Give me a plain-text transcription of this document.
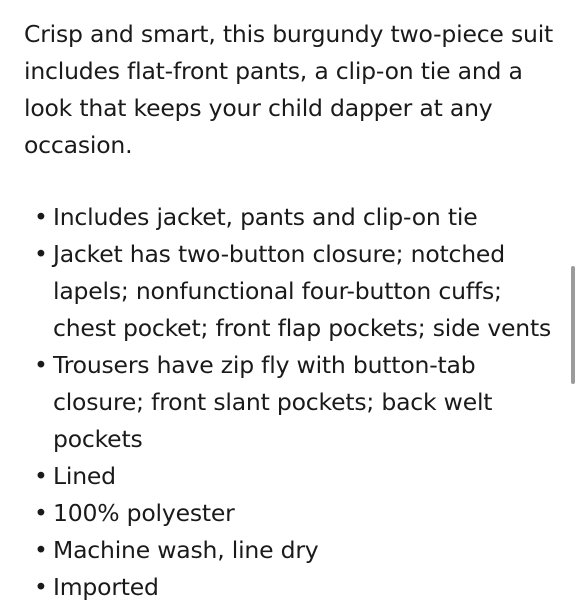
Crisp and smart, this burgundy two-piece suit includes flat-front pants, a clip-on tie and a look that keeps your child dapper at any occasion.

• Includes jacket, pants and clip-on tie
• Jacket has two-button closure; notched lapels; nonfunctional four-button cuffs; chest pocket; front flap pockets; side vents
• Trousers have zip fly with button-tab closure; front slant pockets; back welt pockets
• Lined
• 100% polyester
• Machine wash, line dry
• Imported
